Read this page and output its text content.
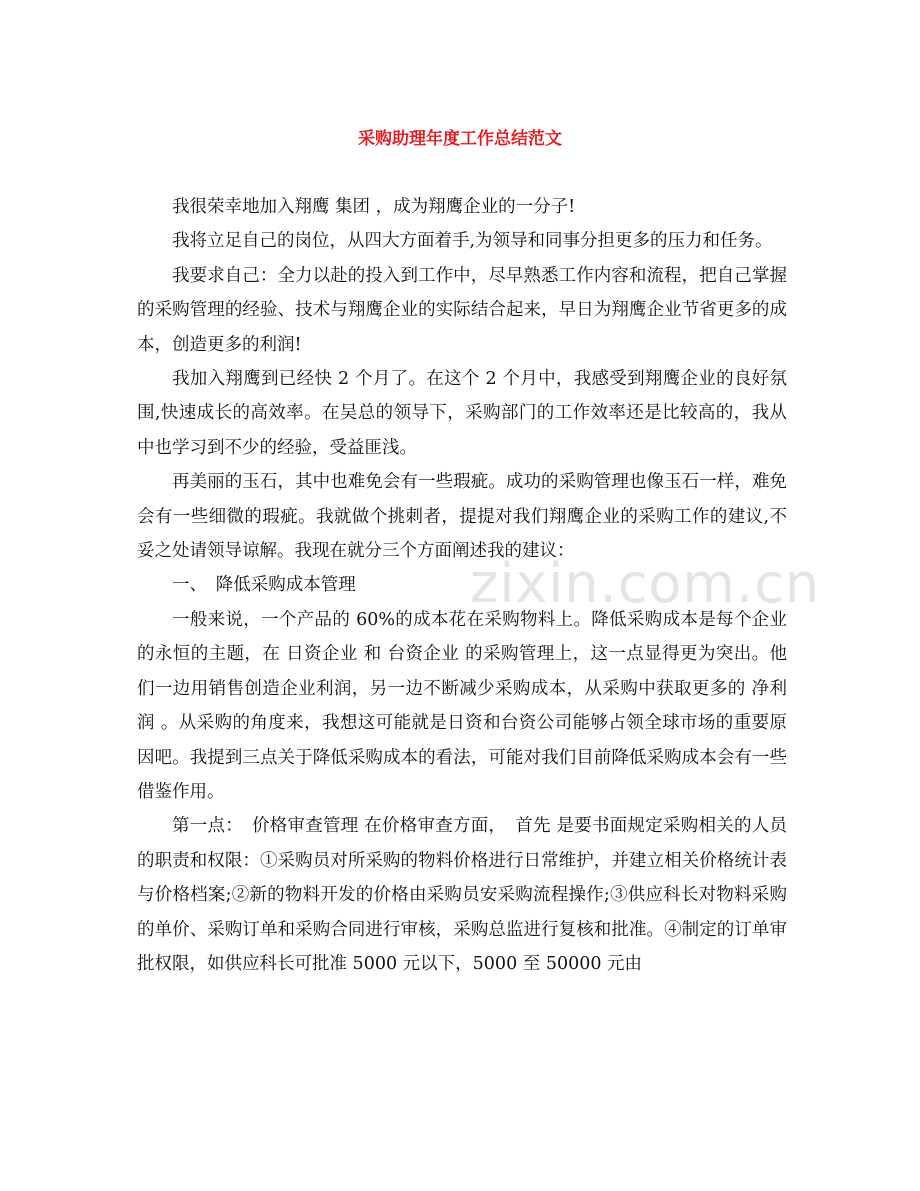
采购助理年度工作总结范文

我很荣幸地加入翔鹰 集团 ，成为翔鹰企业的一分子!

我将立足自己的岗位，从四大方面着手,为领导和同事分担更多的压力和任务。

我要求自己：全力以赴的投入到工作中，尽早熟悉工作内容和流程，把自己掌握的采购管理的经验、技术与翔鹰企业的实际结合起来，早日为翔鹰企业节省更多的成本，创造更多的利润!

我加入翔鹰到已经快 2 个月了。在这个 2 个月中，我感受到翔鹰企业的良好氛围,快速成长的高效率。在吴总的领导下，采购部门的工作效率还是比较高的，我从中也学习到不少的经验，受益匪浅。

再美丽的玉石，其中也难免会有一些瑕疵。成功的采购管理也像玉石一样，难免会有一些细微的瑕疵。我就做个挑刺者，提提对我们翔鹰企业的采购工作的建议,不妥之处请领导谅解。我现在就分三个方面阐述我的建议：

一、　降低采购成本管理

一般来说，一个产品的 60%的成本花在采购物料上。降低采购成本是每个企业的永恒的主题，在 日资企业 和 台资企业 的采购管理上，这一点显得更为突出。他们一边用销售创造企业利润，另一边不断减少采购成本，从采购中获取更多的 净利润 。从采购的角度来，我想这可能就是日资和台资公司能够占领全球市场的重要原因吧。我提到三点关于降低采购成本的看法，可能对我们目前降低采购成本会有一些借鉴作用。

第一点：　价格审查管理 在价格审查方面，　首先 是要书面规定采购相关的人员的职责和权限：①采购员对所采购的物料价格进行日常维护，并建立相关价格统计表与价格档案;②新的物料开发的价格由采购员安采购流程操作;③供应科长对物料采购的单价、采购订单和采购合同进行审核，采购总监进行复核和批准。④制定的订单审批权限，如供应科长可批准 5000 元以下，5000 至 50000 元由

zixin.com.cn
